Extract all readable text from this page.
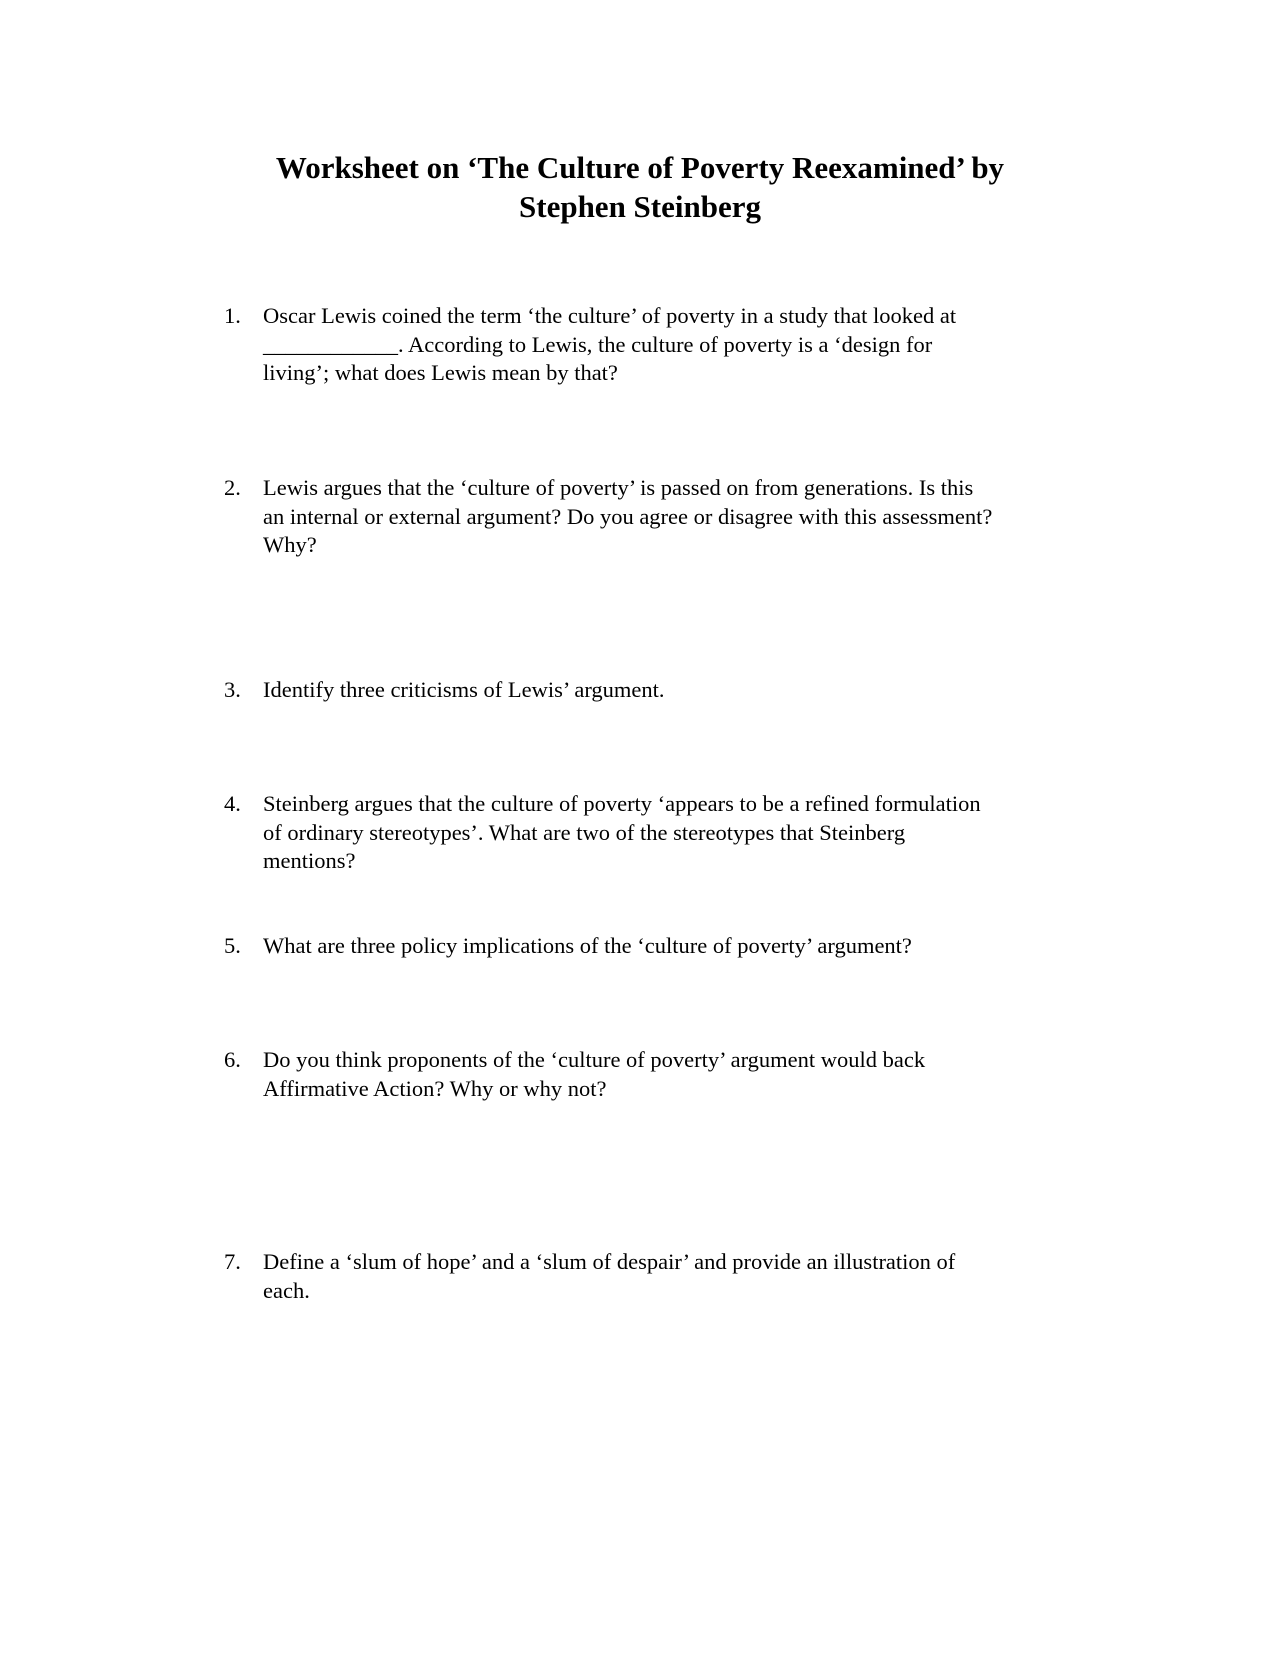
Worksheet on ‘The Culture of Poverty Reexamined’ by
Stephen Steinberg
1. Oscar Lewis coined the term ‘the culture’ of poverty in a study that looked at
____________. According to Lewis, the culture of poverty is a ‘design for
living’; what does Lewis mean by that?

2. Lewis argues that the ‘culture of poverty’ is passed on from generations. Is this
an internal or external argument? Do you agree or disagree with this assessment?
Why?

3. Identify three criticisms of Lewis’ argument.

4. Steinberg argues that the culture of poverty ‘appears to be a refined formulation
of ordinary stereotypes’. What are two of the stereotypes that Steinberg
mentions?

5. What are three policy implications of the ‘culture of poverty’ argument?

6. Do you think proponents of the ‘culture of poverty’ argument would back
Affirmative Action? Why or why not?

7. Define a ‘slum of hope’ and a ‘slum of despair’ and provide an illustration of
each.
